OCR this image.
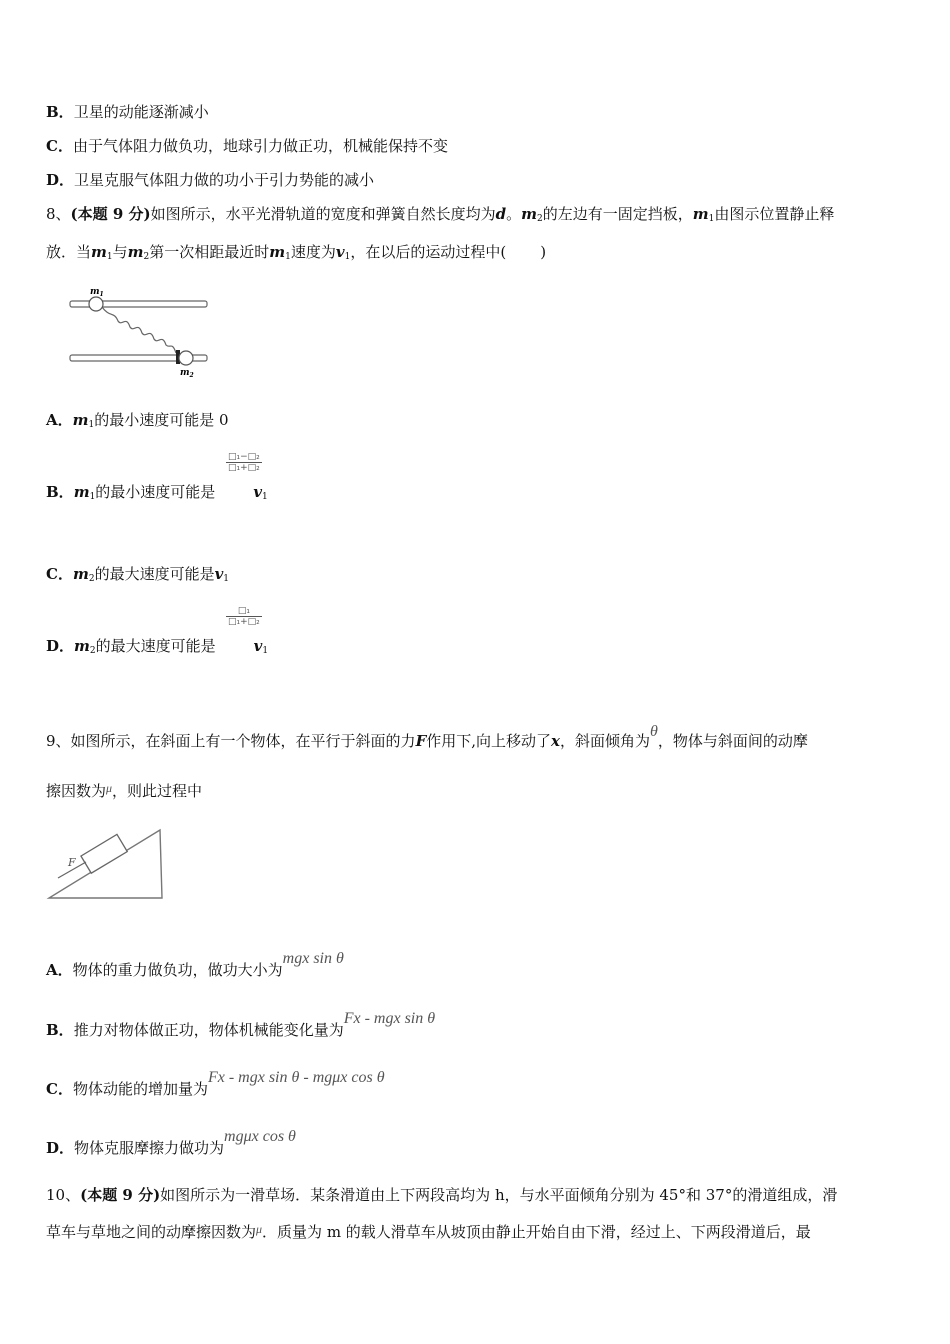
B．卫星的动能逐渐减小
C．由于气体阻力做负功，地球引力做正功，机械能保持不变
D．卫星克服气体阻力做的功小于引力势能的减小
8、(本题 9 分)如图所示，水平光滑轨道的宽度和弹簧自然长度均为d。$m_2$的左边有一固定挡板，$m_1$由图示位置静止释
放．当$m_1$与$m_2$第一次相距最近时$m_1$速度为$v_1$，在以后的运动过程中( )
$m_1$
$m_2$
A．$m_1$的最小速度可能是 0
□₁−□₂
□₁+□₂
B．$m_1$的最小速度可能是	$v_1$
C．$m_2$的最大速度可能是$v_1$
□₁
□₁+□₂
D．$m_2$的最大速度可能是	$v_1$
9、如图所示，在斜面上有一个物体，在平行于斜面的力F作用下,向上移动了x，斜面倾角为θ，物体与斜面间的动摩
擦因数为$^\mu$，则此过程中
F
A．物体的重力做负功，做功大小为mgx sin θ
B．推力对物体做正功，物体机械能变化量为Fx - mgx sin θ
C．物体动能的增加量为Fx - mgx sin θ - mgμx cos θ
D．物体克服摩擦力做功为mgμx cos θ
10、(本题 9 分)如图所示为一滑草场．某条滑道由上下两段高均为 h，与水平面倾角分别为 45°和 37°的滑道组成，滑
草车与草地之间的动摩擦因数为$^\mu$．质量为 m 的载人滑草车从坡顶由静止开始自由下滑，经过上、下两段滑道后，最
